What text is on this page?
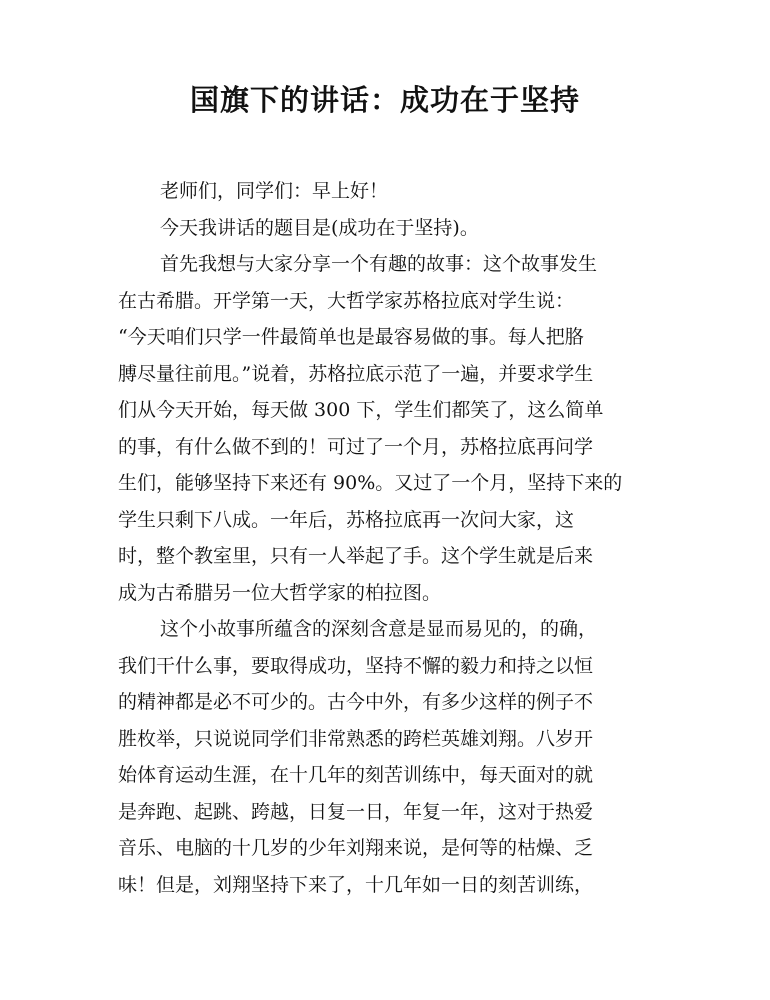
国旗下的讲话：成功在于坚持
老师们，同学们：早上好！
今天我讲话的题目是(成功在于坚持)。
首先我想与大家分享一个有趣的故事：这个故事发生
在古希腊。开学第一天，大哲学家苏格拉底对学生说：
“今天咱们只学一件最简单也是最容易做的事。每人把胳
膊尽量往前甩。”说着，苏格拉底示范了一遍，并要求学生
们从今天开始，每天做 300 下，学生们都笑了，这么简单
的事，有什么做不到的！可过了一个月，苏格拉底再问学
生们，能够坚持下来还有 90%。又过了一个月，坚持下来的
学生只剩下八成。一年后，苏格拉底再一次问大家，这
时，整个教室里，只有一人举起了手。这个学生就是后来
成为古希腊另一位大哲学家的柏拉图。
这个小故事所蕴含的深刻含意是显而易见的，的确，
我们干什么事，要取得成功，坚持不懈的毅力和持之以恒
的精神都是必不可少的。古今中外，有多少这样的例子不
胜枚举，只说说同学们非常熟悉的跨栏英雄刘翔。八岁开
始体育运动生涯，在十几年的刻苦训练中，每天面对的就
是奔跑、起跳、跨越，日复一日，年复一年，这对于热爱
音乐、电脑的十几岁的少年刘翔来说，是何等的枯燥、乏
味！但是，刘翔坚持下来了，十几年如一日的刻苦训练，
